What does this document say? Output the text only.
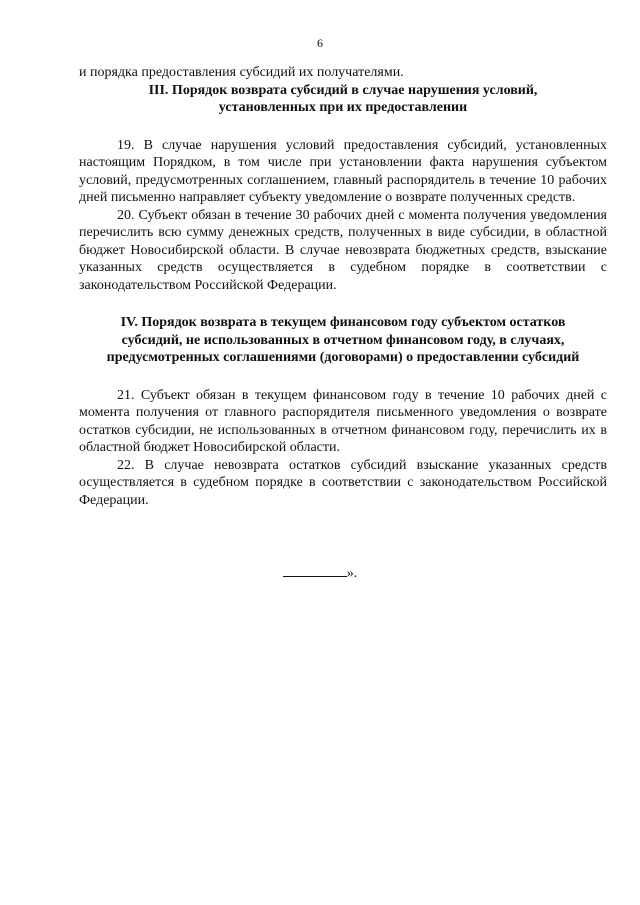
6

и порядка предоставления субсидий их получателями.

III. Порядок возврата субсидий в случае нарушения условий,
установленных при их предоставлении

19. В случае нарушения условий предоставления субсидий, установленных настоящим Порядком, в том числе при установлении факта нарушения субъектом условий, предусмотренных соглашением, главный распорядитель в течение 10 рабочих дней письменно направляет субъекту уведомление о возврате полученных средств.

20. Субъект обязан в течение 30 рабочих дней с момента получения уведомления перечислить всю сумму денежных средств, полученных в виде субсидии, в областной бюджет Новосибирской области. В случае невозврата бюджетных средств, взыскание указанных средств осуществляется в судебном порядке в соответствии с законодательством Российской Федерации.

IV. Порядок возврата в текущем финансовом году субъектом остатков
субсидий, не использованных в отчетном финансовом году, в случаях,
предусмотренных соглашениями (договорами) о предоставлении субсидий

21. Субъект обязан в текущем финансовом году в течение 10 рабочих дней с момента получения от главного распорядителя письменного уведомления о возврате остатков субсидии, не использованных в отчетном финансовом году, перечислить их в областной бюджет Новосибирской области.

22. В случае невозврата остатков субсидий взыскание указанных средств осуществляется в судебном порядке в соответствии с законодательством Российской Федерации.

».
